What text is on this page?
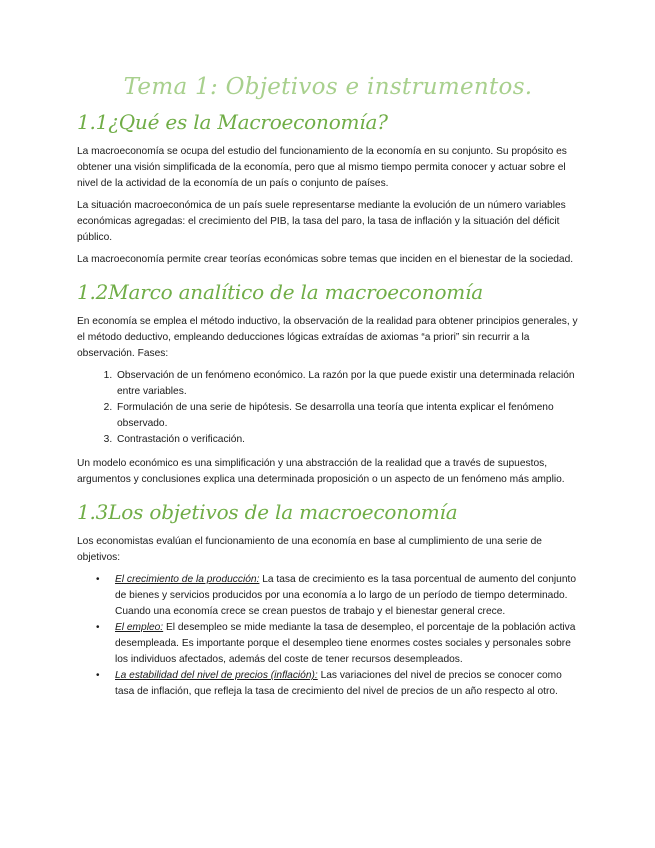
Tema 1: Objetivos e instrumentos.
1.1¿Qué es la Macroeconomía?

La macroeconomía se ocupa del estudio del funcionamiento de la economía en su conjunto. Su propósito es obtener una visión simplificada de la economía, pero que al mismo tiempo permita conocer y actuar sobre el nivel de la actividad de la economía de un país o conjunto de países.

La situación macroeconómica de un país suele representarse mediante la evolución de un número variables económicas agregadas: el crecimiento del PIB, la tasa del paro, la tasa de inflación y la situación del déficit público.

La macroeconomía permite crear teorías económicas sobre temas que inciden en el bienestar de la sociedad.

1.2Marco analítico de la macroeconomía

En economía se emplea el método inductivo, la observación de la realidad para obtener principios generales, y el método deductivo, empleando deducciones lógicas extraídas de axiomas “a priori” sin recurrir a la observación. Fases:

1. Observación de un fenómeno económico. La razón por la que puede existir una determinada relación entre variables.
2. Formulación de una serie de hipótesis. Se desarrolla una teoría que intenta explicar el fenómeno observado.
3. Contrastación o verificación.

Un modelo económico es una simplificación y una abstracción de la realidad que a través de supuestos, argumentos y conclusiones explica una determinada proposición o un aspecto de un fenómeno más amplio.

1.3Los objetivos de la macroeconomía

Los economistas evalúan el funcionamiento de una economía en base al cumplimiento de una serie de objetivos:

• El crecimiento de la producción: La tasa de crecimiento es la tasa porcentual de aumento del conjunto de bienes y servicios producidos por una economía a lo largo de un período de tiempo determinado. Cuando una economía crece se crean puestos de trabajo y el bienestar general crece.
• El empleo: El desempleo se mide mediante la tasa de desempleo, el porcentaje de la población activa desempleada. Es importante porque el desempleo tiene enormes costes sociales y personales sobre los individuos afectados, además del coste de tener recursos desempleados.
• La estabilidad del nivel de precios (inflación): Las variaciones del nivel de precios se conocer como tasa de inflación, que refleja la tasa de crecimiento del nivel de precios de un año respecto al otro.
